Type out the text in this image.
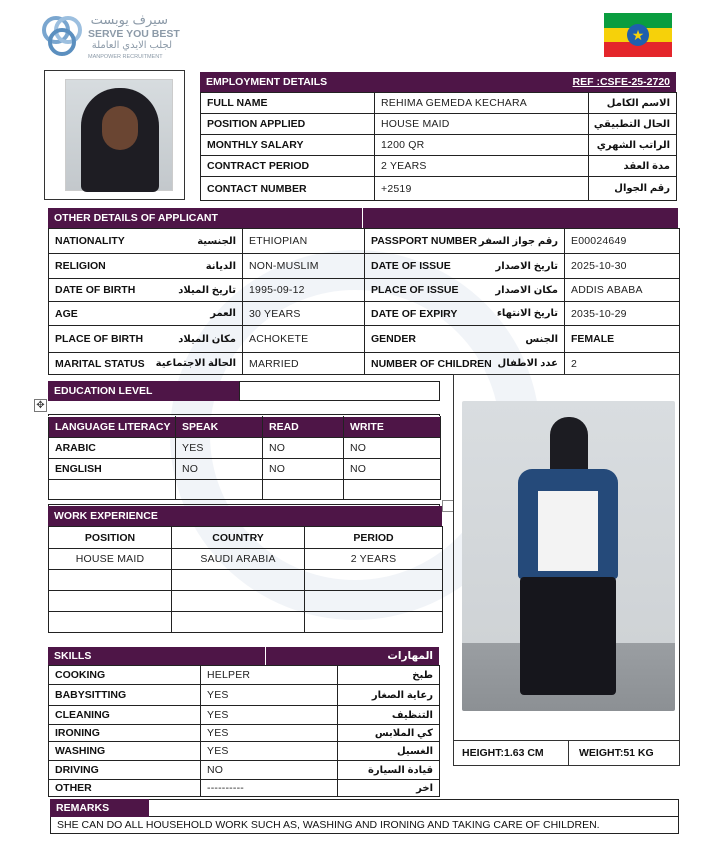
سيرف يوبست
SERVE YOU BEST
لجلب الايدي العاملة
MANPOWER RECRUITMENT
★
EMPLOYMENT DETAILS	REF :CSFE-25-2720
FULL NAME	REHIMA GEMEDA KECHARA	الاسم الكامل
POSITION APPLIED	HOUSE MAID	الحال التطبيقي
MONTHLY SALARY	1200 QR	الراتب الشهري
CONTRACT PERIOD	2 YEARS	مدة العقد
CONTACT NUMBER	+2519	رقم الجوال
OTHER DETAILS OF APPLICANT
NATIONALITY الجنسية	ETHIOPIAN	PASSPORT NUMBER رقم جواز السفر	E00024649

RELIGION الديانة	NON-MUSLIM	DATE OF ISSUE تاريخ الاصدار	2025-10-30

DATE OF BIRTH تاريخ الميلاد	1995-09-12	PLACE OF ISSUE مكان الاصدار	ADDIS ABABA

AGE العمر	30 YEARS	DATE OF EXPIRY تاريخ الانتهاء	2035-10-29

PLACE OF BIRTH مكان الميلاد	ACHOKETE	GENDER الجنس	FEMALE

MARITAL STATUS الحالة الاجتماعية	MARRIED	NUMBER OF CHILDREN عدد الاطفال	2
EDUCATION LEVEL
✥
LANGUAGE LITERACY	SPEAK	READ	WRITE
ARABIC	YES	NO	NO
ENGLISH	NO	NO	NO

WORK EXPERIENCE
POSITION	COUNTRY	PERIOD
HOUSE MAID	SAUDI ARABIA	2 YEARS

SKILLS	المهارات
COOKING	HELPER	طبخ
BABYSITTING	YES	رعاية الصغار
CLEANING	YES	التنظيف
IRONING	YES	كي الملابس
WASHING	YES	الغسيل
DRIVING	NO	قيادة السيارة
OTHER	----------	اخر
HEIGHT:1.63 CM	WEIGHT:51 KG
REMARKS
SHE CAN DO ALL HOUSEHOLD WORK SUCH AS, WASHING AND IRONING AND TAKING CARE OF CHILDREN.
